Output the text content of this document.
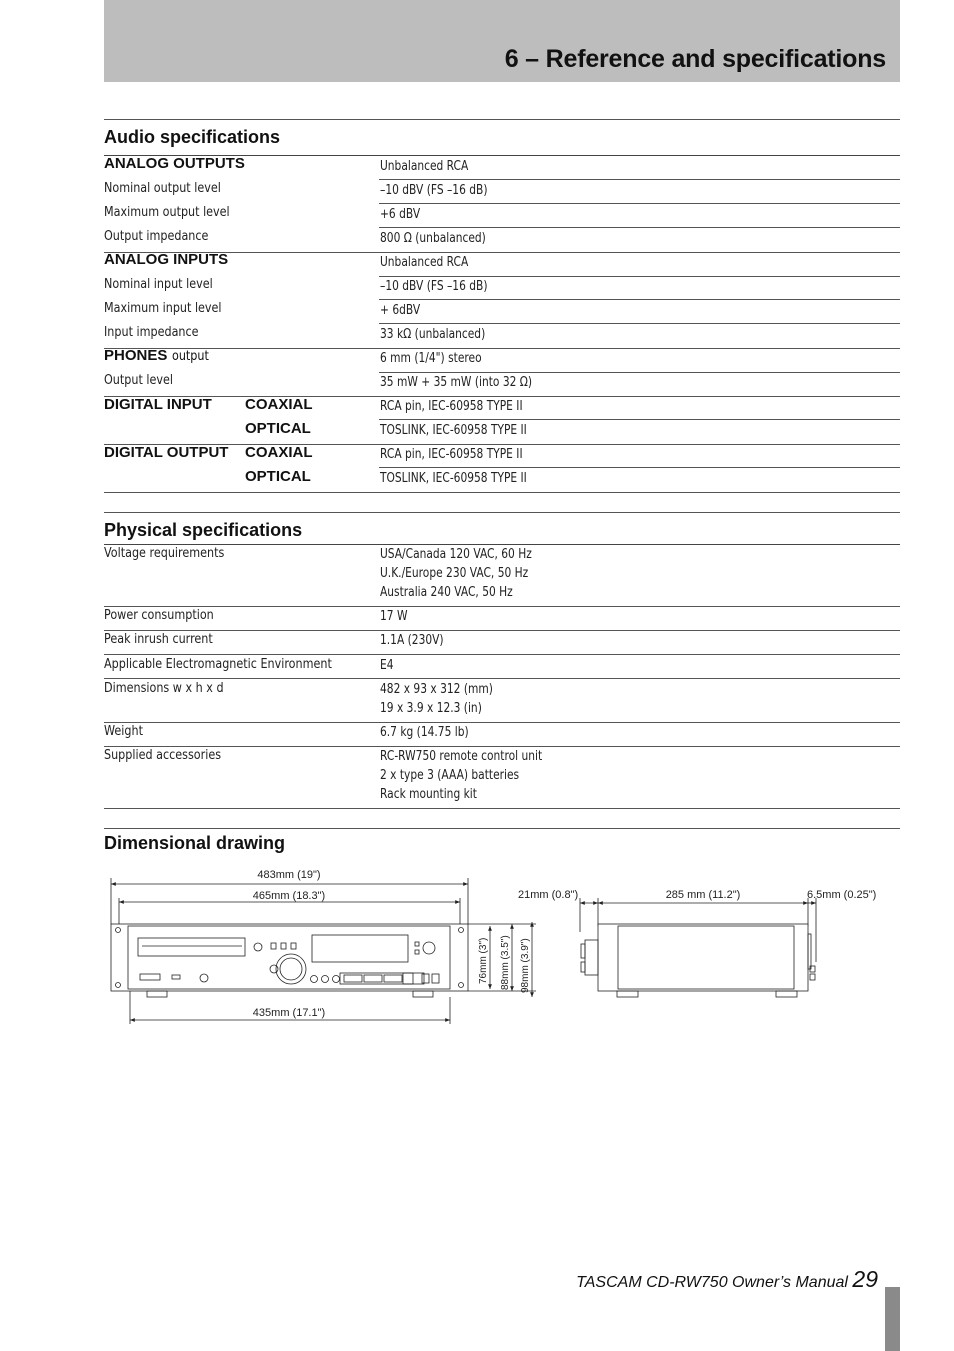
6 – Reference and specifications
Audio specifications
ANALOG OUTPUTS	Unbalanced RCA
Nominal output level	–10 dBV (FS –16 dB)
Maximum output level	+6 dBV
Output impedance	800 Ω (unbalanced)
ANALOG INPUTS	Unbalanced RCA
Nominal input level	–10 dBV (FS –16 dB)
Maximum input level	+ 6dBV
Input impedance	33 kΩ (unbalanced)
PHONES output	6 mm (1/4") stereo
Output level	35 mW + 35 mW (into 32 Ω)
DIGITAL INPUT COAXIAL	RCA pin, IEC-60958 TYPE II
OPTICAL	TOSLINK, IEC-60958 TYPE II
DIGITAL OUTPUT COAXIAL	RCA pin, IEC-60958 TYPE II
OPTICAL	TOSLINK, IEC-60958 TYPE II
Physical specifications
Voltage requirements	USA/Canada 120 VAC, 60 Hz
U.K./Europe 230 VAC, 50 Hz
Australia 240 VAC, 50 Hz
Power consumption	17 W
Peak inrush current	1.1A (230V)
Applicable Electromagnetic Environment	E4
Dimensions w x h x d	482 x 93 x 312 (mm)
19 x 3.9 x 12.3 (in)
Weight	6.7 kg (14.75 lb)
Supplied accessories	RC-RW750 remote control unit
2 x type 3 (AAA) batteries
Rack mounting kit
Dimensional drawing
483mm (19")
465mm (18.3")
435mm (17.1")
76mm (3") 88mm (3.5") 98mm (3.9")
21mm (0.8")	285 mm (11.2")	6.5mm (0.25")
TASCAM CD-RW750 Owner’s Manual 29
